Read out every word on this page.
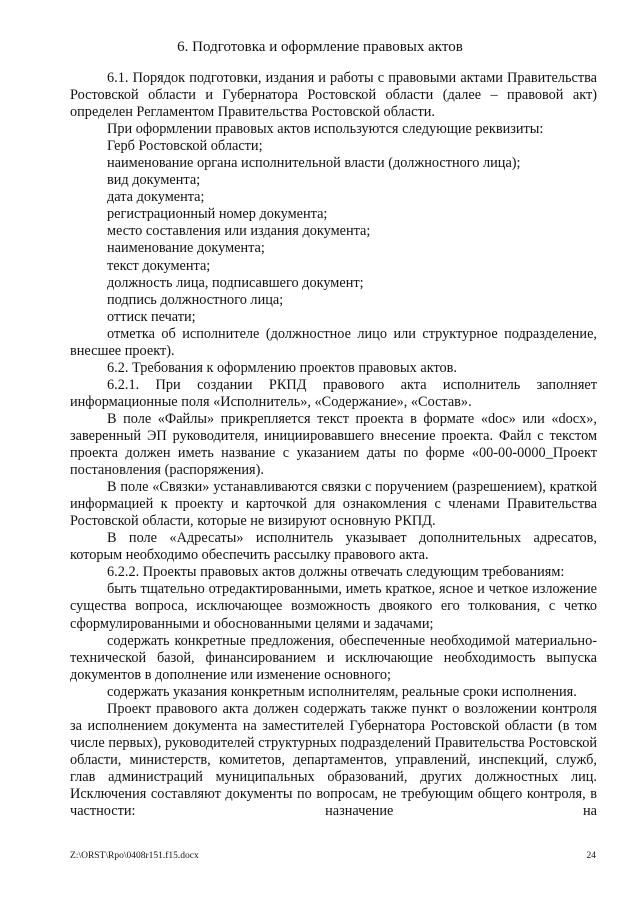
6. Подготовка и оформление правовых актов

6.1. Порядок подготовки, издания и работы с правовыми актами Правительства Ростовской области и Губернатора Ростовской области (далее – правовой акт) определен Регламентом Правительства Ростовской области.

При оформлении правовых актов используются следующие реквизиты:

Герб Ростовской области;

наименование органа исполнительной власти (должностного лица);

вид документа;

дата документа;

регистрационный номер документа;

место составления или издания документа;

наименование документа;

текст документа;

должность лица, подписавшего документ;

подпись должностного лица;

оттиск печати;

отметка об исполнителе (должностное лицо или структурное подразделение, внесшее проект).

6.2. Требования к оформлению проектов правовых актов.

6.2.1. При создании РКПД правового акта исполнитель заполняет информационные поля «Исполнитель», «Содержание», «Состав».

В поле «Файлы» прикрепляется текст проекта в формате «doc» или «docx», заверенный ЭП руководителя, инициировавшего внесение проекта. Файл с текстом проекта должен иметь название с указанием даты по форме «00-00-0000_Проект постановления (распоряжения).

В поле «Связки» устанавливаются связки с поручением (разрешением), краткой информацией к проекту и карточкой для ознакомления с членами Правительства Ростовской области, которые не визируют основную РКПД.

В поле «Адресаты» исполнитель указывает дополнительных адресатов, которым необходимо обеспечить рассылку правового акта.

6.2.2. Проекты правовых актов должны отвечать следующим требованиям:

быть тщательно отредактированными, иметь краткое, ясное и четкое изложение существа вопроса, исключающее возможность двоякого его толкования, с четко сформулированными и обоснованными целями и задачами;

содержать конкретные предложения, обеспеченные необходимой материально-технической базой, финансированием и исключающие необходимость выпуска документов в дополнение или изменение основного;

содержать указания конкретным исполнителям, реальные сроки исполнения.

Проект правового акта должен содержать также пункт о возложении контроля за исполнением документа на заместителей Губернатора Ростовской области (в том числе первых), руководителей структурных подразделений Правительства Ростовской области, министерств, комитетов, департаментов, управлений, инспекций, служб, глав администраций муниципальных образований, других должностных лиц. Исключения составляют документы по вопросам, не требующим общего контроля, в частности: назначение на

Z:\ORST\Rpo\0408r151.f15.docx	24
